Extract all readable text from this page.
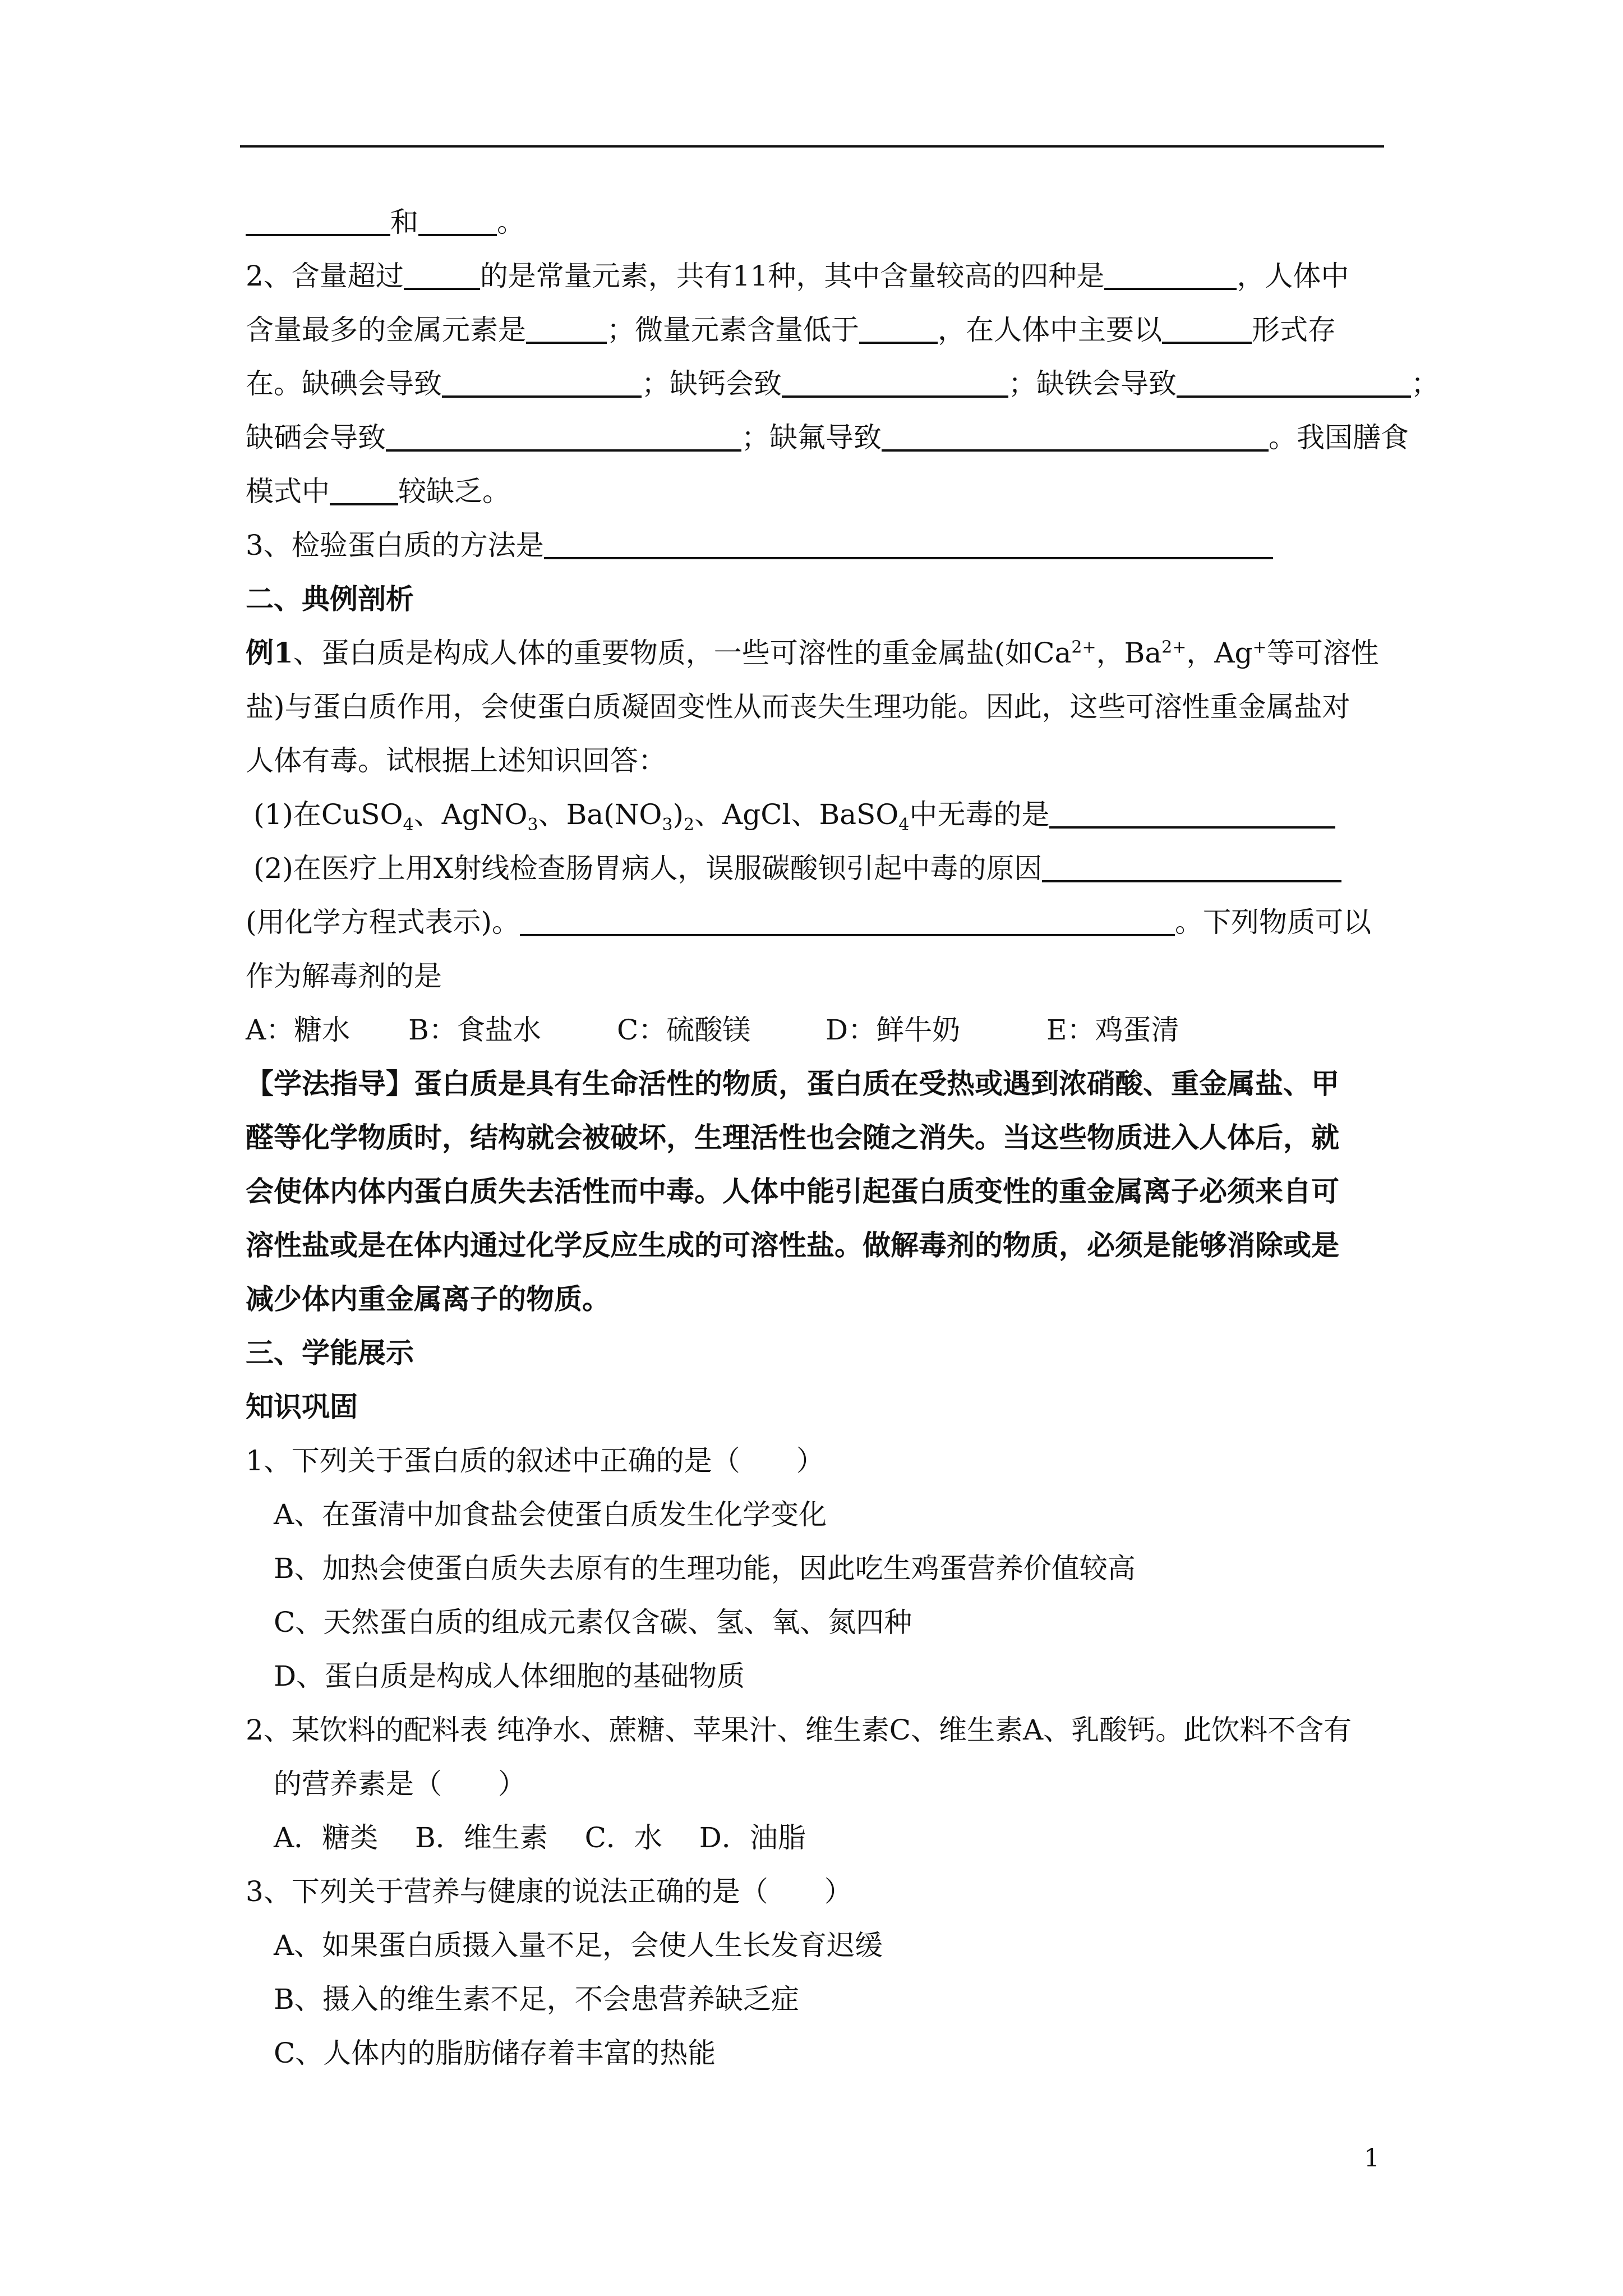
和	。
2、含量超过	的是常量元素，共有11种，其中含量较高的四种是	，人体中
含量最多的金属元素是	；微量元素含量低于	，在人体中主要以	形式存
在。缺碘会导致	；缺钙会致	；缺铁会导致	；
缺硒会导致	；缺氟导致	。我国膳食
模式中 较缺乏。
3、检验蛋白质的方法是
二、典例剖析
例1、蛋白质是构成人体的重要物质，一些可溶性的重金属盐(如$Ca^{2+}$，$Ba^{2+}$，Ag+等可溶性
盐)与蛋白质作用，会使蛋白质凝固变性从而丧失生理功能。因此，这些可溶性重金属盐对
人体有毒。试根据上述知识回答：
(1)在CuSO$_4$、AgNO$_3$、$Ba(NO_3)_2$、AgCl、BaSO$_4$中无毒的是
(2)在医疗上用X射线检查肠胃病人，误服碳酸钡引起中毒的原因
(用化学方程式表示)。	。下列物质可以
作为解毒剂的是
A：糖水 B：食盐水	C：硫酸镁	D：鲜牛奶	E：鸡蛋清
【学法指导】蛋白质是具有生命活性的物质，蛋白质在受热或遇到浓硝酸、重金属盐、甲
醛等化学物质时，结构就会被破坏，生理活性也会随之消失。当这些物质进入人体后，就
会使体内体内蛋白质失去活性而中毒。人体中能引起蛋白质变性的重金属离子必须来自可
溶性盐或是在体内通过化学反应生成的可溶性盐。做解毒剂的物质，必须是能够消除或是
减少体内重金属离子的物质。
三、学能展示
知识巩固
1、下列关于蛋白质的叙述中正确的是（　　）
A、在蛋清中加食盐会使蛋白质发生化学变化
B、加热会使蛋白质失去原有的生理功能，因此吃生鸡蛋营养价值较高
C、天然蛋白质的组成元素仅含碳、氢、氧、氮四种
D、蛋白质是构成人体细胞的基础物质
2、某饮料的配料表 纯净水、蔗糖、苹果汁、维生素C、维生素A、乳酸钙。此饮料不含有
的营养素是（　　）
A．糖类　 B．维生素　 C．水　 D．油脂
3、下列关于营养与健康的说法正确的是（　　）
A、如果蛋白质摄入量不足，会使人生长发育迟缓
B、摄入的维生素不足，不会患营养缺乏症
C、人体内的脂肪储存着丰富的热能
1
